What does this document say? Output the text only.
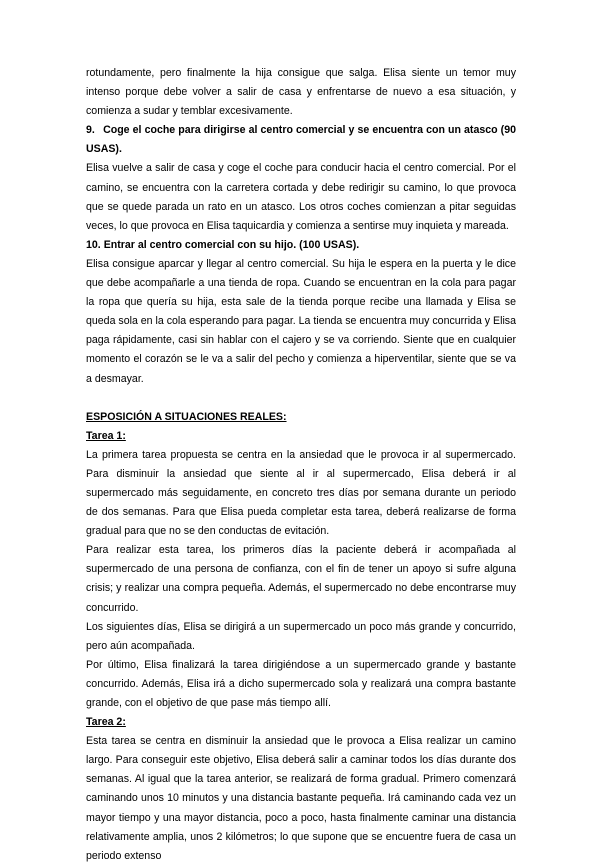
rotundamente, pero finalmente la hija consigue que salga. Elisa siente un temor muy intenso porque debe volver a salir de casa y enfrentarse de nuevo a esa situación, y comienza a sudar y temblar excesivamente.

9. Coge el coche para dirigirse al centro comercial y se encuentra con un atasco (90 USAS).

Elisa vuelve a salir de casa y coge el coche para conducir hacia el centro comercial. Por el camino, se encuentra con la carretera cortada y debe redirigir su camino, lo que provoca que se quede parada un rato en un atasco. Los otros coches comienzan a pitar seguidas veces, lo que provoca en Elisa taquicardia y comienza a sentirse muy inquieta y mareada.

10. Entrar al centro comercial con su hijo. (100 USAS).

Elisa consigue aparcar y llegar al centro comercial. Su hija le espera en la puerta y le dice que debe acompañarle a una tienda de ropa. Cuando se encuentran en la cola para pagar la ropa que quería su hija, esta sale de la tienda porque recibe una llamada y Elisa se queda sola en la cola esperando para pagar. La tienda se encuentra muy concurrida y Elisa paga rápidamente, casi sin hablar con el cajero y se va corriendo. Siente que en cualquier momento el corazón se le va a salir del pecho y comienza a hiperventilar, siente que se va a desmayar.

ESPOSICIÓN A SITUACIONES REALES:

Tarea 1:

La primera tarea propuesta se centra en la ansiedad que le provoca ir al supermercado. Para disminuir la ansiedad que siente al ir al supermercado, Elisa deberá ir al supermercado más seguidamente, en concreto tres días por semana durante un periodo de dos semanas. Para que Elisa pueda completar esta tarea, deberá realizarse de forma gradual para que no se den conductas de evitación.

Para realizar esta tarea, los primeros días la paciente deberá ir acompañada al supermercado de una persona de confianza, con el fin de tener un apoyo si sufre alguna crisis; y realizar una compra pequeña. Además, el supermercado no debe encontrarse muy concurrido.

Los siguientes días, Elisa se dirigirá a un supermercado un poco más grande y concurrido, pero aún acompañada.

Por último, Elisa finalizará la tarea dirigiéndose a un supermercado grande y bastante concurrido. Además, Elisa irá a dicho supermercado sola y realizará una compra bastante grande, con el objetivo de que pase más tiempo allí.

Tarea 2:

Esta tarea se centra en disminuir la ansiedad que le provoca a Elisa realizar un camino largo. Para conseguir este objetivo, Elisa deberá salir a caminar todos los días durante dos semanas. Al igual que la tarea anterior, se realizará de forma gradual. Primero comenzará caminando unos 10 minutos y una distancia bastante pequeña. Irá caminando cada vez un mayor tiempo y una mayor distancia, poco a poco, hasta finalmente caminar una distancia relativamente amplia, unos 2 kilómetros; lo que supone que se encuentre fuera de casa un periodo extenso
